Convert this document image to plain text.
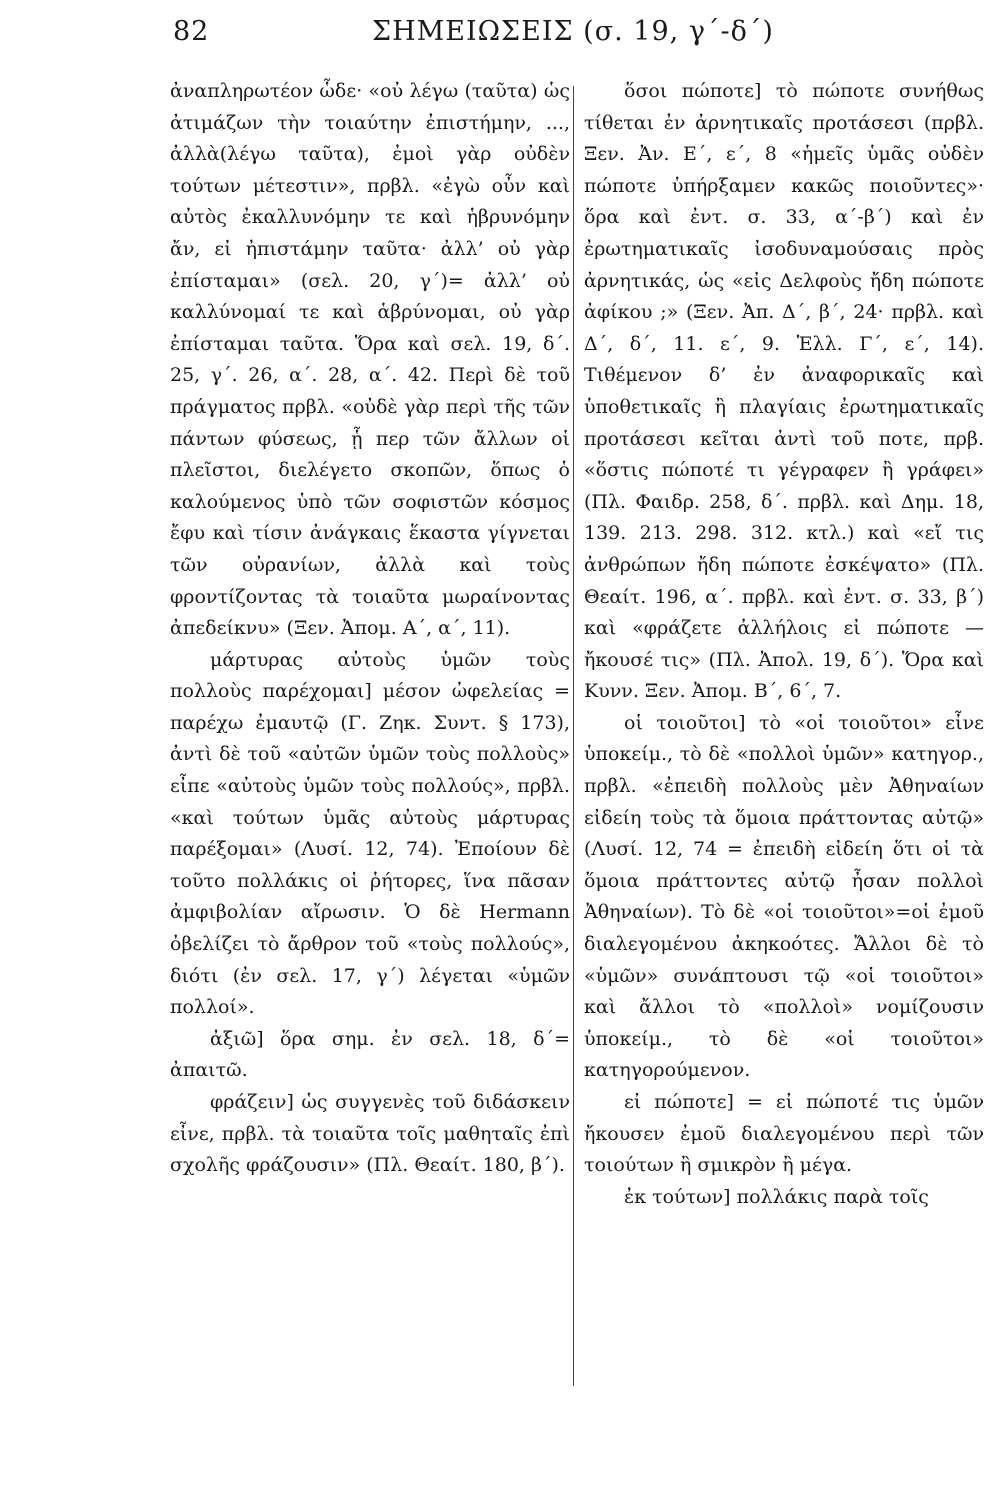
82	ΣΗΜΕΙΩΣΕΙΣ (σ. 19, γ΄-δ΄)

ἀναπληρωτέον ὧδε· «οὐ λέγω (ταῦτα) ὡς ἀτιμάζων τὴν τοιαύτην ἐπιστήμην, ..., ἀλλὰ(λέγω ταῦτα), ἐμοὶ γὰρ οὐδὲν τούτων μέτεστιν», πρβλ. «ἐγὼ οὖν καὶ αὐτὸς ἐκαλλυνόμην τε καὶ ἡβρυνόμην ἄν, εἰ ἠπιστάμην ταῦτα· ἀλλ’ οὐ γὰρ ἐπίσταμαι» (σελ. 20, γ΄)= ἀλλ’ οὐ καλλύνομαί τε καὶ ἁβρύνομαι, οὐ γὰρ ἐπίσταμαι ταῦτα. Ὅρα καὶ σελ. 19, δ΄. 25, γ΄. 26, α΄. 28, α΄. 42. Περὶ δὲ τοῦ πράγματος πρβλ. «οὐδὲ γὰρ περὶ τῆς τῶν πάντων φύσεως, ᾗ περ τῶν ἄλλων οἱ πλεῖστοι, διελέγετο σκοπῶν, ὅπως ὁ καλούμενος ὑπὸ τῶν σοφιστῶν κόσμος ἔφυ καὶ τίσιν ἀνάγκαις ἕκαστα γίγνεται τῶν οὐρανίων, ἀλλὰ καὶ τοὺς φροντίζοντας τὰ τοιαῦτα μωραίνοντας ἀπεδείκνυ» (Ξεν. Ἀπομ. Α΄, α΄, 11).

μάρτυρας αὐτοὺς ὑμῶν τοὺς πολλοὺς παρέχομαι] μέσον ὠφελείας = παρέχω ἐμαυτῷ (Γ. Ζηκ. Συντ. § 173), ἀντὶ δὲ τοῦ «αὐτῶν ὑμῶν τοὺς πολλοὺς» εἶπε «αὐτοὺς ὑμῶν τοὺς πολλούς», πρβλ. «καὶ τούτων ὑμᾶς αὐτοὺς μάρτυρας παρέξομαι» (Λυσί. 12, 74). Ἐποίουν δὲ τοῦτο πολλάκις οἱ ῥήτορες, ἵνα πᾶσαν ἀμφιβολίαν αἴρωσιν. Ὁ δὲ Hermann ὀβελίζει τὸ ἄρθρον τοῦ «τοὺς πολλούς», διότι (ἐν σελ. 17, γ΄) λέγεται «ὑμῶν πολλοί».

ἀξιῶ] ὅρα σημ. ἐν σελ. 18, δ΄= ἀπαιτῶ.

φράζειν] ὡς συγγενὲς τοῦ διδάσκειν εἶνε, πρβλ. τὰ τοιαῦτα τοῖς μαθηταῖς ἐπὶ σχολῆς φράζουσιν» (Πλ. Θεαίτ. 180, β΄).

ὅσοι πώποτε] τὸ πώποτε συνήθως τίθεται ἐν ἀρνητικαῖς προτάσεσι (πρβλ. Ξεν. Ἀν. Ε΄, ε΄, 8 «ἡμεῖς ὑμᾶς οὐδὲν πώποτε ὑπήρξαμεν κακῶς ποιοῦντες»· ὅρα καὶ ἐντ. σ. 33, α΄-β΄) καὶ ἐν ἐρωτηματικαῖς ἰσοδυναμούσαις πρὸς ἀρνητικάς, ὡς «εἰς Δελφοὺς ἤδη πώποτε ἀφίκου ;» (Ξεν. Ἀπ. Δ΄, β΄, 24· πρβλ. καὶ Δ΄, δ΄, 11. ε΄, 9. Ἑλλ. Γ΄, ε΄, 14). Τιθέμενον δ’ ἐν ἀναφορικαῖς καὶ ὑποθετικαῖς ἢ πλαγίαις ἐρωτηματικαῖς προτάσεσι κεῖται ἀντὶ τοῦ ποτε, πρβ. «ὅστις πώποτέ τι γέγραφεν ἢ γράφει» (Πλ. Φαιδρ. 258, δ΄. πρβλ. καὶ Δημ. 18, 139. 213. 298. 312. κτλ.) καὶ «εἴ τις ἀνθρώπων ἤδη πώποτε ἐσκέψατο» (Πλ. Θεαίτ. 196, α΄. πρβλ. καὶ ἐντ. σ. 33, β΄) καὶ «φράζετε ἀλλήλοις εἰ πώποτε — ἤκουσέ τις» (Πλ. Ἀπολ. 19, δ΄). Ὅρα καὶ Κυνν. Ξεν. Ἀπομ. Β΄, 6΄, 7.

οἱ τοιοῦτοι] τὸ «οἱ τοιοῦτοι» εἶνε ὑποκείμ., τὸ δὲ «πολλοὶ ὑμῶν» κατηγορ., πρβλ. «ἐπειδὴ πολλοὺς μὲν Ἀθηναίων εἰδείη τοὺς τὰ ὅμοια πράττοντας αὐτῷ» (Λυσί. 12, 74 = ἐπειδὴ εἰδείη ὅτι οἱ τὰ ὅμοια πράττοντες αὐτῷ ἦσαν πολλοὶ Ἀθηναίων). Τὸ δὲ «οἱ τοιοῦτοι»=οἱ ἐμοῦ διαλεγομένου ἀκηκοότες. Ἄλλοι δὲ τὸ «ὑμῶν» συνάπτουσι τῷ «οἱ τοιοῦτοι» καὶ ἄλλοι τὸ «πολλοὶ» νομίζουσιν ὑποκείμ., τὸ δὲ «οἱ τοιοῦτοι» κατηγορούμενον.

εἰ πώποτε] = εἰ πώποτέ τις ὑμῶν ἤκουσεν ἐμοῦ διαλεγομένου περὶ τῶν τοιούτων ἢ σμικρὸν ἢ μέγα.

ἐκ τούτων] πολλάκις παρὰ τοῖς
